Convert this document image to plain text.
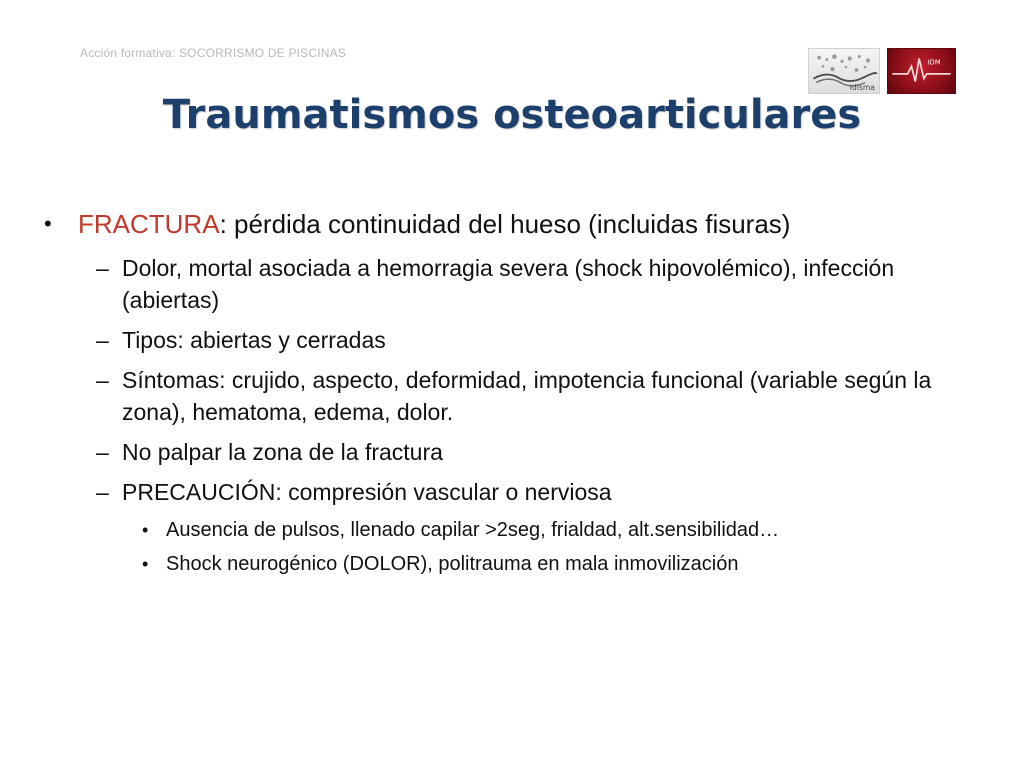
Acción formativa: SOCORRISMO DE PISCINAS
idisma
IDM
Traumatismos osteoarticulares
•	FRACTURA: pérdida continuidad del hueso (incluidas fisuras)
– Dolor, mortal asociada a hemorragia severa (shock hipovolémico), infección (abiertas)
– Tipos: abiertas y cerradas
– Síntomas: crujido, aspecto, deformidad, impotencia funcional (variable según la zona), hematoma, edema, dolor.
– No palpar la zona de la fractura
– PRECAUCIÓN: compresión vascular o nerviosa
• Ausencia de pulsos, llenado capilar >2seg, frialdad, alt.sensibilidad…
• Shock neurogénico (DOLOR), politrauma en mala inmovilización
